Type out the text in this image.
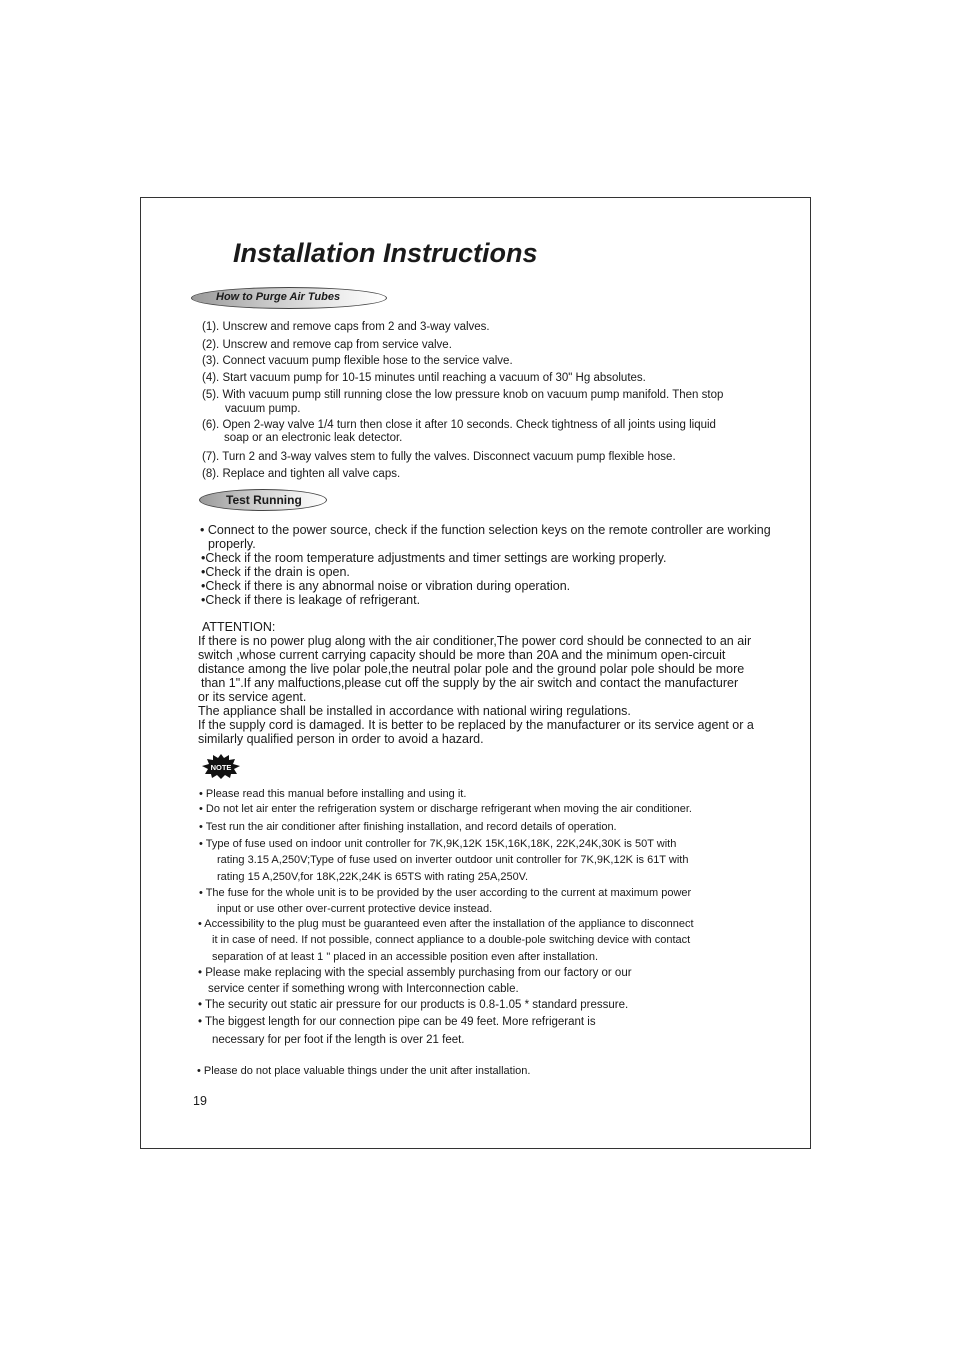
Installation Instructions
How to Purge Air Tubes

(1). Unscrew and remove caps from 2 and 3-way valves.

(2). Unscrew and remove cap from service valve.

(3). Connect vacuum pump flexible hose to the service valve.

(4). Start vacuum pump for 10-15 minutes until reaching a vacuum of 30" Hg absolutes.

(5). With vacuum pump still running close the low pressure knob on vacuum pump manifold. Then stop

vacuum pump.

(6). Open 2-way valve 1/4 turn then close it after 10 seconds. Check tightness of all joints using liquid

soap or an electronic leak detector.

(7). Turn 2 and 3-way valves stem to fully the valves. Disconnect vacuum pump flexible hose.

(8). Replace and tighten all valve caps.

Test Running

• Connect to the power source, check if the function selection keys on the remote controller are working

properly.

•Check if the room temperature adjustments and timer settings are working properly.

•Check if the drain is open.

•Check if there is any abnormal noise or vibration during operation.

•Check if there is leakage of refrigerant.

ATTENTION:

If there is no power plug along with the air conditioner,The power cord should be connected to an air

switch ,whose current carrying capacity should be more than 20A and the minimum open-circuit

distance among the live polar pole,the neutral polar pole and the ground polar pole should be more

than 1".If any malfuctions,please cut off the supply by the air switch and contact the manufacturer

or its service agent.

The appliance shall be installed in accordance with national wiring regulations.

If the supply cord is damaged. It is better to be replaced by the manufacturer or its service agent or a

similarly qualified person in order to avoid a hazard.

NOTE

• Please read this manual before installing and using it.

• Do not let air enter the refrigeration system or discharge refrigerant when moving the air conditioner.

• Test run the air conditioner after finishing installation, and record details of operation.

• Type of fuse used on indoor unit controller for 7K,9K,12K 15K,16K,18K, 22K,24K,30K is 50T with

rating 3.15 A,250V;Type of fuse used on inverter outdoor unit controller for 7K,9K,12K is 61T with

rating 15 A,250V,for 18K,22K,24K is 65TS with rating 25A,250V.

• The fuse for the whole unit is to be provided by the user according to the current at maximum power

input or use other over-current protective device instead.

• Accessibility to the plug must be guaranteed even after the installation of the appliance to disconnect

it in case of need. If not possible, connect appliance to a double-pole switching device with contact

separation of at least 1 " placed in an accessible position even after installation.

• Please make replacing with the special assembly purchasing from our factory or our

service center if something wrong with Interconnection cable.

• The security out static air pressure for our products is 0.8-1.05 * standard pressure.

• The biggest length for our connection pipe can be 49 feet. More refrigerant is

necessary for per foot if the length is over 21 feet.

• Please do not place valuable things under the unit after installation.

19
